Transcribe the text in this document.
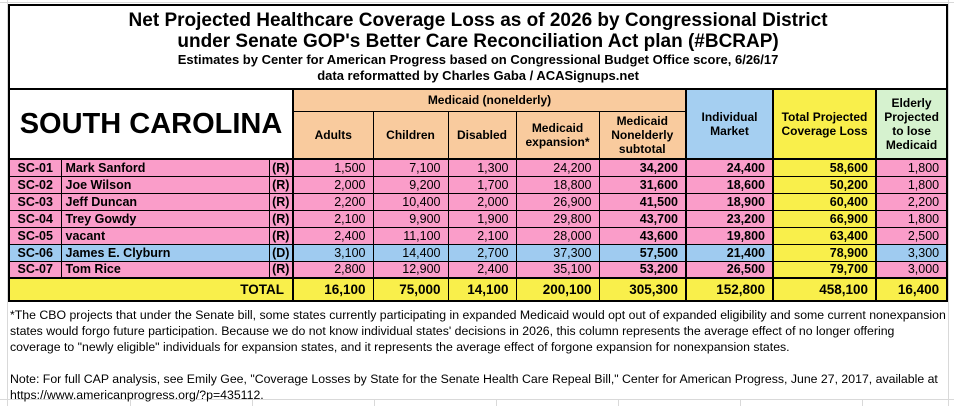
Net Projected Healthcare Coverage Loss as of 2026 by Congressional District
under Senate GOP's Better Care Reconciliation Act plan (#BCRAP)
Estimates by Center for American Progress based on Congressional Budget Office score, 6/26/17
data reformatted by Charles Gaba / ACASignups.net										

SOUTH CAROLINA			Medicaid (nonelderly)					Individual Market	Total Projected Coverage Loss	Elderly Projected to lose Medicaid
			Adults	Children	Disabled	Medicaid expansion*	Medicaid Nonelderly subtotal			
SC-01	Mark Sanford	(R)	1,500	7,100	1,300	24,200	34,200	24,400	58,600	1,800
SC-02	Joe Wilson	(R)	2,000	9,200	1,700	18,800	31,600	18,600	50,200	1,800
SC-03	Jeff Duncan	(R)	2,200	10,400	2,000	26,900	41,500	18,900	60,400	2,200
SC-04	Trey Gowdy	(R)	2,100	9,900	1,900	29,800	43,700	23,200	66,900	1,800
SC-05	vacant	(R)	2,400	11,100	2,100	28,000	43,600	19,800	63,400	2,500
SC-06	James E. Clyburn	(D)	3,100	14,400	2,700	37,300	57,500	21,400	78,900	3,300
SC-07	Tom Rice	(R)	2,800	12,900	2,400	35,100	53,200	26,500	79,700	3,000
TOTAL			16,100	75,000	14,100	200,100	305,300	152,800	458,100	16,400

*The CBO projects that under the Senate bill, some states currently participating in expanded Medicaid would opt out of expanded eligibility and some current nonexpansion states would forgo future participation. Because we do not know individual states' decisions in 2026, this column represents the average effect of no longer offering coverage to "newly eligible" individuals for expansion states, and it represents the average effect of forgone expansion for nonexpansion states.

Note: For full CAP analysis, see Emily Gee, "Coverage Losses by State for the Senate Health Care Repeal Bill," Center for American Progress, June 27, 2017, available at https://www.americanprogress.org/?p=435112.
